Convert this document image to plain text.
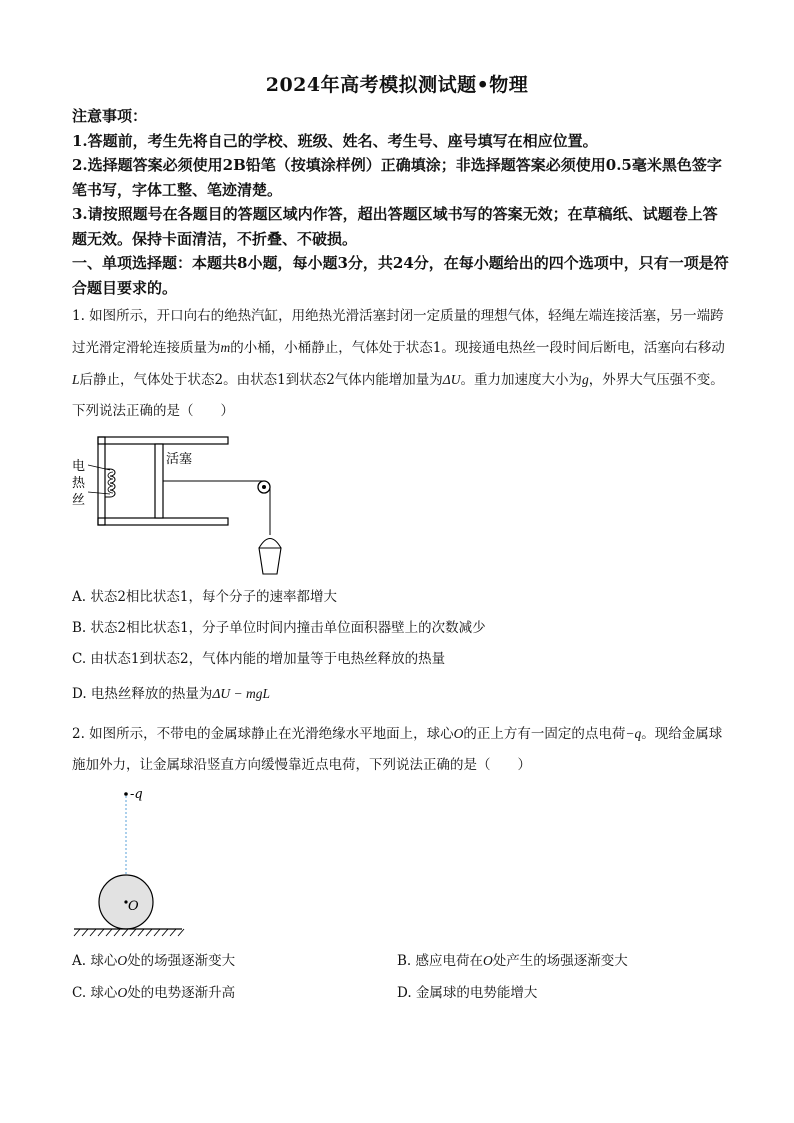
2024年高考模拟测试题•物理
注意事项：
1.答题前，考生先将自己的学校、班级、姓名、考生号、座号填写在相应位置。
2.选择题答案必须使用2B铅笔（按填涂样例）正确填涂；非选择题答案必须使用0.5毫米黑色签字笔书写，字体工整、笔迹清楚。
3.请按照题号在各题目的答题区域内作答，超出答题区域书写的答案无效；在草稿纸、试题卷上答题无效。保持卡面清洁，不折叠、不破损。
一、单项选择题：本题共8小题，每小题3分，共24分，在每小题给出的四个选项中，只有一项是符合题目要求的。
1. 如图所示，开口向右的绝热汽缸，用绝热光滑活塞封闭一定质量的理想气体，轻绳左端连接活塞，另一端跨过光滑定滑轮连接质量为m的小桶，小桶静止，气体处于状态1。现接通电热丝一段时间后断电，活塞向右移动L后静止，气体处于状态2。由状态1到状态2气体内能增加量为ΔU。重力加速度大小为g，外界大气压强不变。下列说法正确的是（　　）
电
热
丝
活塞
A. 状态2相比状态1，每个分子的速率都增大
B. 状态2相比状态1，分子单位时间内撞击单位面积器壁上的次数减少
C. 由状态1到状态2，气体内能的增加量等于电热丝释放的热量
D. 电热丝释放的热量为ΔU − mgL
2. 如图所示，不带电的金属球静止在光滑绝缘水平地面上，球心O的正上方有一固定的点电荷−q。现给金属球施加外力，让金属球沿竖直方向缓慢靠近点电荷，下列说法正确的是（　　）
-q
O
A. 球心O处的场强逐渐变大	B. 感应电荷在O处产生的场强逐渐变大
C. 球心O处的电势逐渐升高	D. 金属球的电势能增大
